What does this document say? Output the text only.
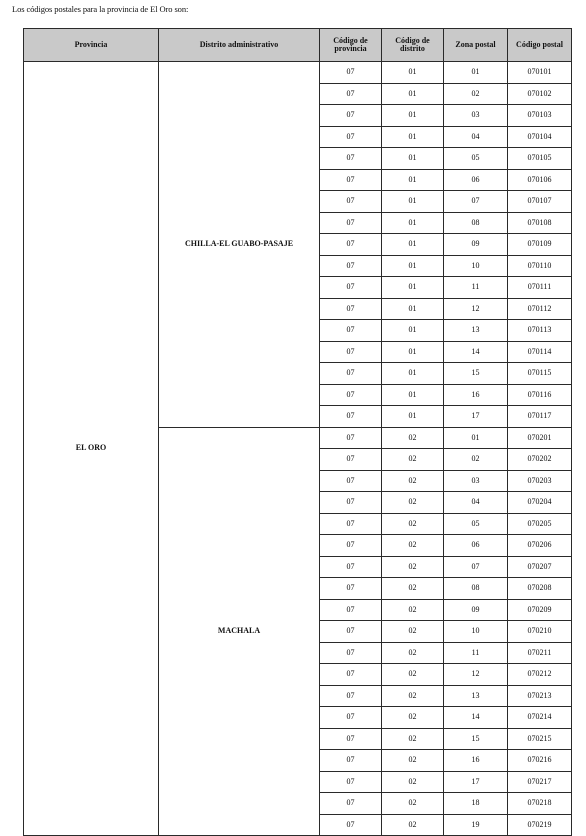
Los códigos postales para la provincia de El Oro son:
Provincia	Distrito administrativo	Código de provincia	Código de distrito	Zona postal	Código postal

EL ORO	CHILLA-EL GUABO-PASAJE	07	01	01	070101
		07	01	02	070102
		07	01	03	070103
		07	01	04	070104
		07	01	05	070105
		07	01	06	070106
		07	01	07	070107
		07	01	08	070108
		07	01	09	070109
		07	01	10	070110
		07	01	11	070111
		07	01	12	070112
		07	01	13	070113
		07	01	14	070114
		07	01	15	070115
		07	01	16	070116
		07	01	17	070117

	MACHALA	07	02	01	070201
		07	02	02	070202
		07	02	03	070203
		07	02	04	070204
		07	02	05	070205
		07	02	06	070206
		07	02	07	070207
		07	02	08	070208
		07	02	09	070209
		07	02	10	070210
		07	02	11	070211
		07	02	12	070212
		07	02	13	070213
		07	02	14	070214
		07	02	15	070215
		07	02	16	070216
		07	02	17	070217
		07	02	18	070218
		07	02	19	070219
